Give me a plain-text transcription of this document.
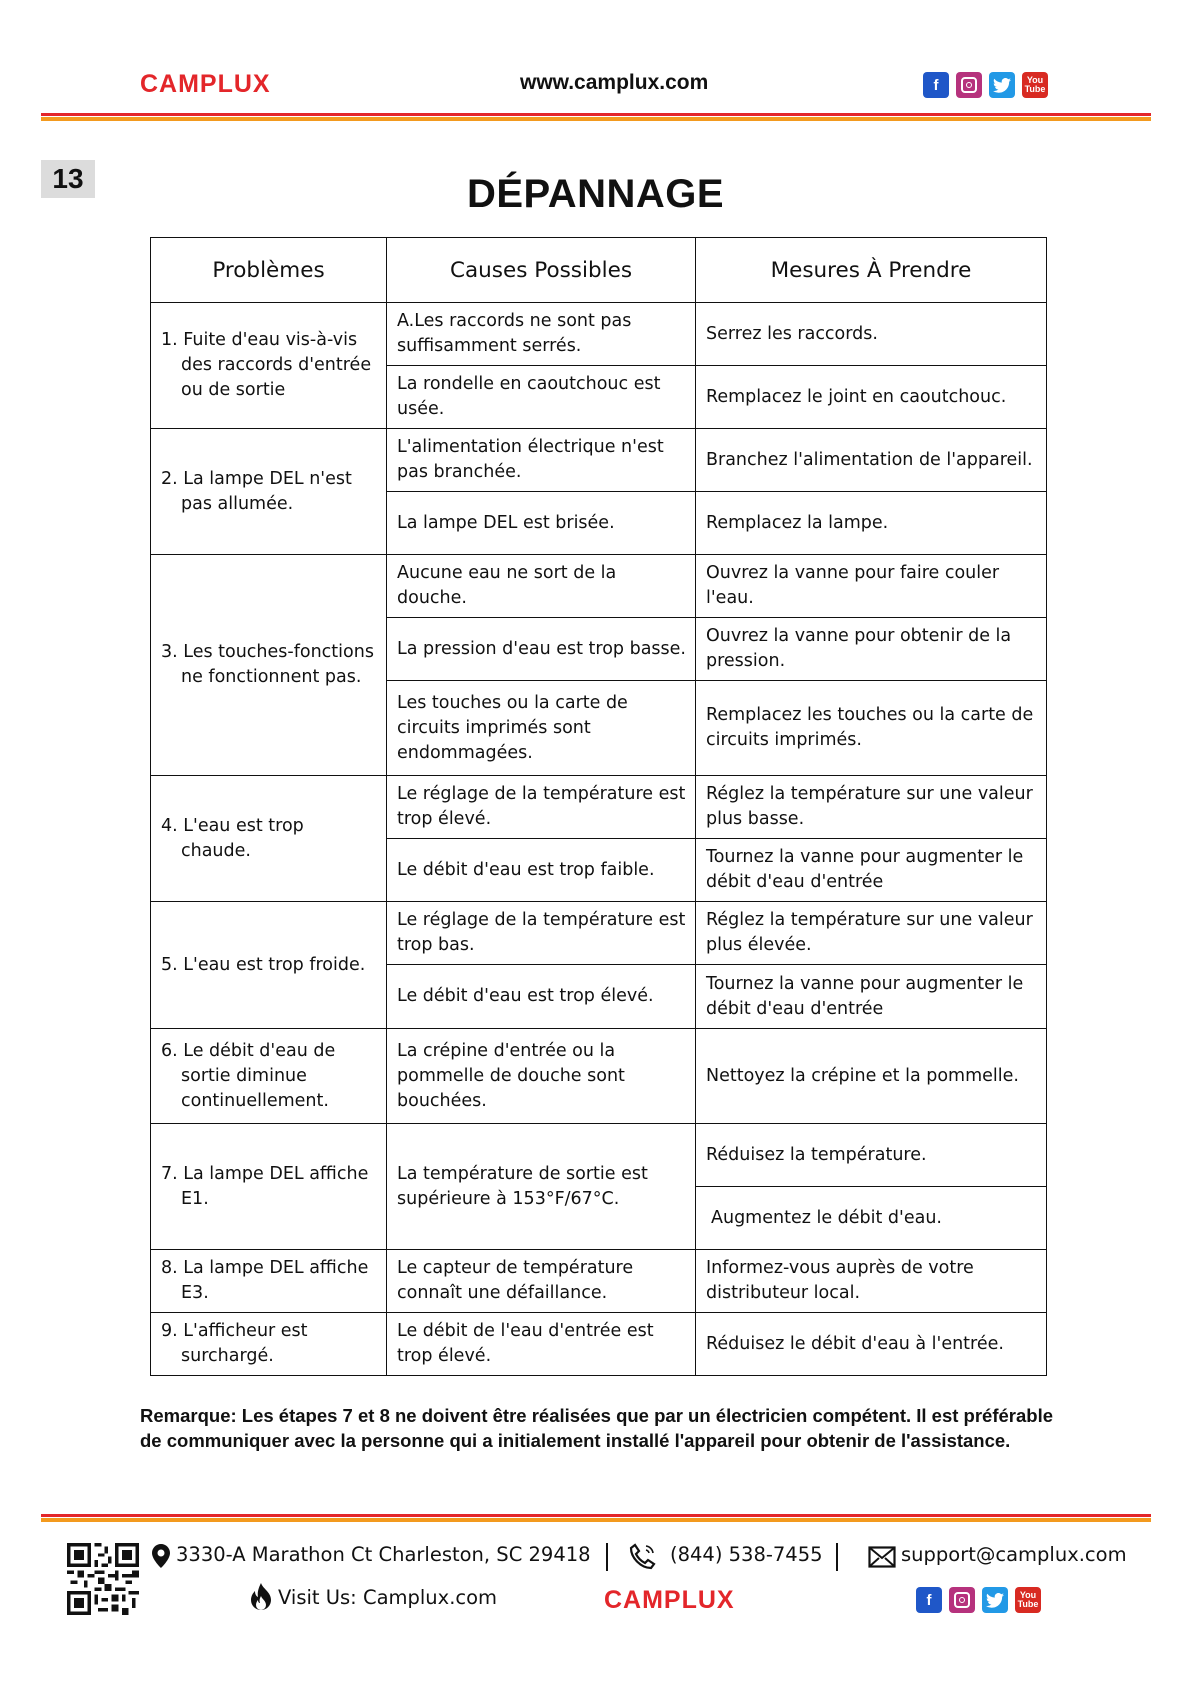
CAMPLUX	www.camplux.com	f	You
Tube
13	DÉPANNAGE
Problèmes	Causes Possibles	Mesures À Prendre

1. Fuite d'eau vis-à-vis des raccords d'entrée ou de sortie	A.Les raccords ne sont pas suffisamment serrés.	Serrez les raccords.
	La rondelle en caoutchouc est usée.	Remplacez le joint en caoutchouc.

2. La lampe DEL n'est pas allumée.	L'alimentation électrique n'est pas branchée.	Branchez l'alimentation de l'appareil.
	La lampe DEL est brisée.	Remplacez la lampe.

3. Les touches-fonctions ne fonctionnent pas.	Aucune eau ne sort de la douche.	Ouvrez la vanne pour faire couler l'eau.
	La pression d'eau est trop basse.	Ouvrez la vanne pour obtenir de la pression.
	Les touches ou la carte de circuits imprimés sont endommagées.	Remplacez les touches ou la carte de circuits imprimés.

4. L'eau est trop chaude.	Le réglage de la température est trop élevé.	Réglez la température sur une valeur plus basse.
	Le débit d'eau est trop faible.	Tournez la vanne pour augmenter le débit d'eau d'entrée

5. L'eau est trop froide.	Le réglage de la température est trop bas.	Réglez la température sur une valeur plus élevée.
	Le débit d'eau est trop élevé.	Tournez la vanne pour augmenter le débit d'eau d'entrée

6. Le débit d'eau de sortie diminue continuellement.	La crépine d'entrée ou la pommelle de douche sont bouchées.	Nettoyez la crépine et la pommelle.

7. La lampe DEL affiche E1.	La température de sortie est supérieure à 153°F/67°C.	Réduisez la température.
		Augmentez le débit d'eau.

8. La lampe DEL affiche E3.	Le capteur de température connaît une défaillance.	Informez-vous auprès de votre distributeur local.

9. L'afficheur est surchargé.	Le débit de l'eau d'entrée est trop élevé.	Réduisez le débit d'eau à l'entrée.
Remarque: Les étapes 7 et 8 ne doivent être réalisées que par un électricien compétent. Il est préférable de communiquer avec la personne qui a initialement installé l'appareil pour obtenir de l'assistance.
3330-A Marathon Ct Charleston, SC 29418	(844) 538-7455	support@camplux.com
Visit Us: Camplux.com	CAMPLUX	f	You
Tube
